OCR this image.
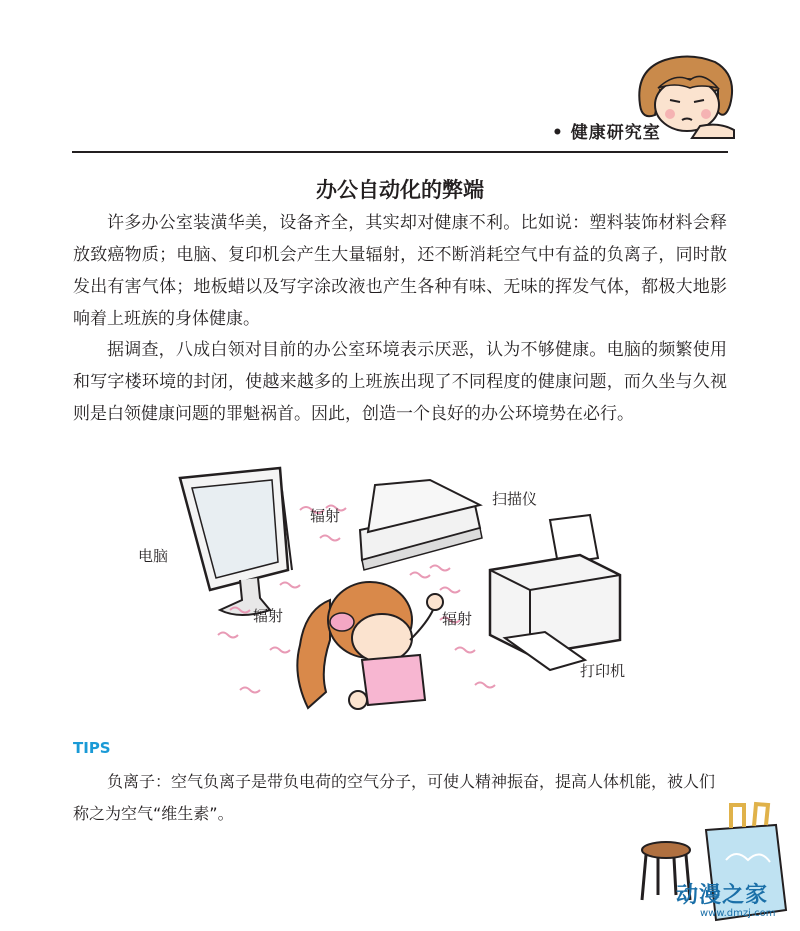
• 健康研究室
办公自动化的弊端

许多办公室装潢华美，设备齐全，其实却对健康不利。比如说：塑料装饰材料会释放致癌物质；电脑、复印机会产生大量辐射，还不断消耗空气中有益的负离子，同时散发出有害气体；地板蜡以及写字涂改液也产生各种有味、无味的挥发气体，都极大地影响着上班族的身体健康。

据调查，八成白领对目前的办公室环境表示厌恶，认为不够健康。电脑的频繁使用和写字楼环境的封闭，使越来越多的上班族出现了不同程度的健康问题，而久坐与久视则是白领健康问题的罪魁祸首。因此，创造一个良好的办公环境势在必行。

电脑
扫描仪
打印机
辐射
辐射	辐射
TIPS

负离子：空气负离子是带负电荷的空气分子，可使人精神振奋，提高人体机能，被人们称之为空气“维生素”。

动漫之家
www.dmzj.com
